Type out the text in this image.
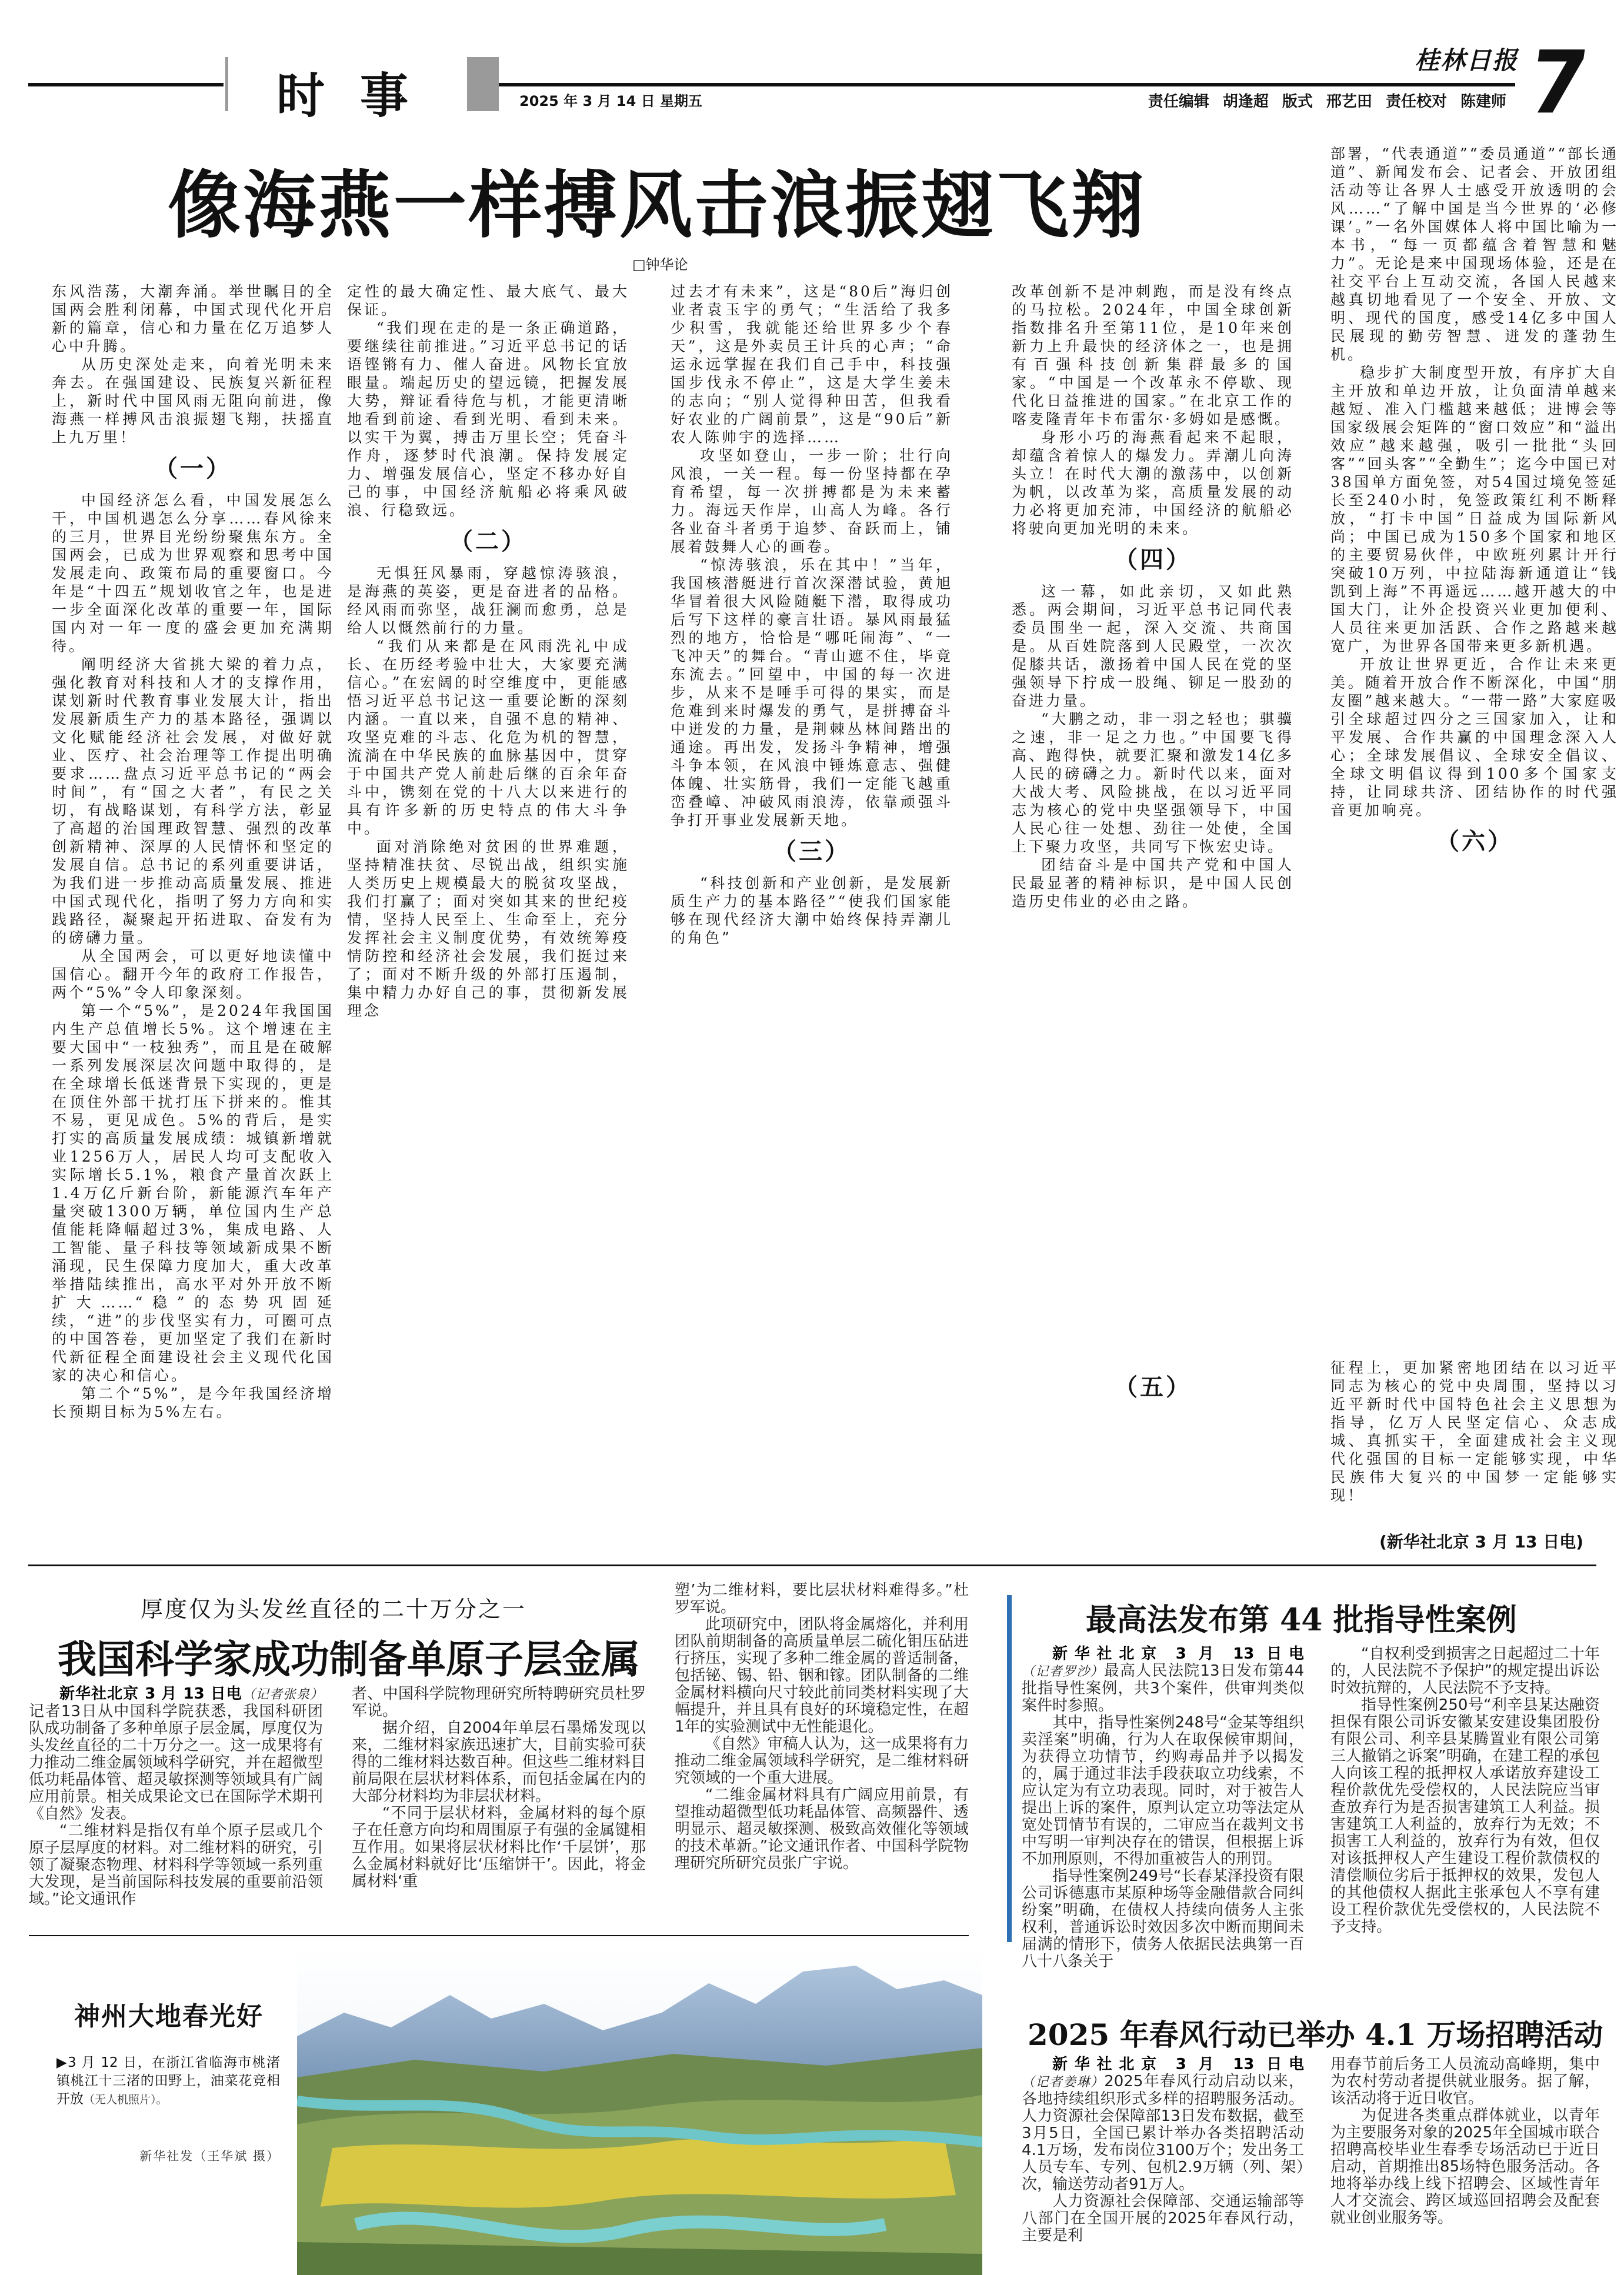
时事	2025 年 3 月 14 日 星期五	责任编辑 胡逢超 版式 邢艺田 责任校对 陈建师
桂林日报 7
像海燕一样搏风击浪振翅飞翔
□钟华论

东风浩荡，大潮奔涌。举世瞩目的全国两会胜利闭幕，中国式现代化开启新的篇章，信心和力量在亿万追梦人心中升腾。

从历史深处走来，向着光明未来奔去。在强国建设、民族复兴新征程上，新时代中国风雨无阻向前进，像海燕一样搏风击浪振翅飞翔，扶摇直上九万里！

（一）

中国经济怎么看，中国发展怎么干，中国机遇怎么分享……春风徐来的三月，世界目光纷纷聚焦东方。全国两会，已成为世界观察和思考中国发展走向、政策布局的重要窗口。今年是“十四五”规划收官之年，也是进一步全面深化改革的重要一年，国际国内对一年一度的盛会更加充满期待。

阐明经济大省挑大梁的着力点，强化教育对科技和人才的支撑作用，谋划新时代教育事业发展大计，指出发展新质生产力的基本路径，强调以文化赋能经济社会发展，对做好就业、医疗、社会治理等工作提出明确要求……盘点习近平总书记的“两会时间”，有“国之大者”，有民之关切，有战略谋划，有科学方法，彰显了高超的治国理政智慧、强烈的改革创新精神、深厚的人民情怀和坚定的发展自信。总书记的系列重要讲话，为我们进一步推动高质量发展、推进中国式现代化，指明了努力方向和实践路径，凝聚起开拓进取、奋发有为的磅礴力量。

从全国两会，可以更好地读懂中国信心。翻开今年的政府工作报告，两个“5%”令人印象深刻。

第一个“5%”，是2024年我国国内生产总值增长5%。这个增速在主要大国中“一枝独秀”，而且是在破解一系列发展深层次问题中取得的，是在全球增长低迷背景下实现的，更是在顶住外部干扰打压下拼来的。惟其不易，更见成色。5%的背后，是实打实的高质量发展成绩：城镇新增就业1256万人，居民人均可支配收入实际增长5.1%，粮食产量首次跃上1.4万亿斤新台阶，新能源汽车年产量突破1300万辆，单位国内生产总值能耗降幅超过3%，集成电路、人工智能、量子科技等领域新成果不断涌现，民生保障力度加大，重大改革举措陆续推出，高水平对外开放不断扩大……“稳”的态势巩固延续，“进”的步伐坚实有力，可圈可点的中国答卷，更加坚定了我们在新时代新征程全面建设社会主义现代化国家的决心和信心。

第二个“5%”，是今年我国经济增长预期目标为5%左右。

定性的最大确定性、最大底气、最大保证。

“我们现在走的是一条正确道路，要继续往前推进。”习近平总书记的话语铿锵有力、催人奋进。风物长宜放眼量。端起历史的望远镜，把握发展大势，辩证看待危与机，才能更清晰地看到前途、看到光明、看到未来。以实干为翼，搏击万里长空；凭奋斗作舟，逐梦时代浪潮。保持发展定力、增强发展信心，坚定不移办好自己的事，中国经济航船必将乘风破浪、行稳致远。

（二）

无惧狂风暴雨，穿越惊涛骇浪，是海燕的英姿，更是奋进者的品格。经风雨而弥坚，战狂澜而愈勇，总是给人以慨然前行的力量。

“我们从来都是在风雨洗礼中成长、在历经考验中壮大，大家要充满信心。”在宏阔的时空维度中，更能感悟习近平总书记这一重要论断的深刻内涵。一直以来，自强不息的精神、攻坚克难的斗志、化危为机的智慧，流淌在中华民族的血脉基因中，贯穿于中国共产党人前赴后继的百余年奋斗中，镌刻在党的十八大以来进行的具有许多新的历史特点的伟大斗争中。

面对消除绝对贫困的世界难题，坚持精准扶贫、尽锐出战，组织实施人类历史上规模最大的脱贫攻坚战，我们打赢了；面对突如其来的世纪疫情，坚持人民至上、生命至上，充分发挥社会主义制度优势，有效统筹疫情防控和经济社会发展，我们挺过来了；面对不断升级的外部打压遏制，集中精力办好自己的事，贯彻新发展理念

过去才有未来”，这是“80后”海归创业者袁玉宇的勇气；“生活给了我多少积雪，我就能还给世界多少个春天”，这是外卖员王计兵的心声；“命运永远掌握在我们自己手中，科技强国步伐永不停止”，这是大学生姜未的志向；“别人觉得种田苦，但我看好农业的广阔前景”，这是“90后”新农人陈帅宇的选择……

攻坚如登山，一步一阶；壮行向风浪，一关一程。每一份坚持都在孕育希望，每一次拼搏都是为未来蓄力。海远天作岸，山高人为峰。各行各业奋斗者勇于追梦、奋跃而上，铺展着鼓舞人心的画卷。

“惊涛骇浪，乐在其中！”当年，我国核潜艇进行首次深潜试验，黄旭华冒着很大风险随艇下潜，取得成功后写下这样的豪言壮语。暴风雨最猛烈的地方，恰恰是“哪吒闹海”、“一飞冲天”的舞台。“青山遮不住，毕竟东流去。”回望中，中国的每一次进步，从来不是唾手可得的果实，而是危难到来时爆发的勇气，是拼搏奋斗中迸发的力量，是荆棘丛林间踏出的通途。再出发，发扬斗争精神，增强斗争本领，在风浪中锤炼意志、强健体魄、壮实筋骨，我们一定能飞越重峦叠嶂、冲破风雨浪涛，依靠顽强斗争打开事业发展新天地。

（三）

“科技创新和产业创新，是发展新质生产力的基本路径”“使我们国家能够在现代经济大潮中始终保持弄潮儿的角色”

改革创新不是冲刺跑，而是没有终点的马拉松。2024年，中国全球创新指数排名升至第11位，是10年来创新力上升最快的经济体之一，也是拥有百强科技创新集群最多的国家。“中国是一个改革永不停歇、现代化日益推进的国家。”在北京工作的喀麦隆青年卡布雷尔·多姆如是感慨。

身形小巧的海燕看起来不起眼，却蕴含着惊人的爆发力。弄潮儿向涛头立！在时代大潮的激荡中，以创新为帆，以改革为桨，高质量发展的动力必将更加充沛，中国经济的航船必将驶向更加光明的未来。

（四）

这一幕，如此亲切，又如此熟悉。两会期间，习近平总书记同代表委员围坐一起，深入交流、共商国是。从百姓院落到人民殿堂，一次次促膝共话，激扬着中国人民在党的坚强领导下拧成一股绳、铆足一股劲的奋进力量。

“大鹏之动，非一羽之轻也；骐骥之速，非一足之力也。”中国要飞得高、跑得快，就要汇聚和激发14亿多人民的磅礴之力。新时代以来，面对大战大考、风险挑战，在以习近平同志为核心的党中央坚强领导下，中国人民心往一处想、劲往一处使，全国上下聚力攻坚，共同写下恢宏史诗。

团结奋斗是中国共产党和中国人民最显著的精神标识，是中国人民创造历史伟业的必由之路。

部署，“代表通道”“委员通道”“部长通道”、新闻发布会、记者会、开放团组活动等让各界人士感受开放透明的会风……“了解中国是当今世界的‘必修课’。”一名外国媒体人将中国比喻为一本书，“每一页都蕴含着智慧和魅力”。无论是来中国现场体验，还是在社交平台上互动交流，各国人民越来越真切地看见了一个安全、开放、文明、现代的国度，感受14亿多中国人民展现的勤劳智慧、迸发的蓬勃生机。

稳步扩大制度型开放，有序扩大自主开放和单边开放，让负面清单越来越短、准入门槛越来越低；进博会等国家级展会矩阵的“窗口效应”和“溢出效应”越来越强，吸引一批批“头回客”“回头客”“全勤生”；迄今中国已对38国单方面免签，对54国过境免签延长至240小时，免签政策红利不断释放，“打卡中国”日益成为国际新风尚；中国已成为150多个国家和地区的主要贸易伙伴，中欧班列累计开行突破10万列，中拉陆海新通道让“钱凯到上海”不再遥远……越开越大的中国大门，让外企投资兴业更加便利、人员往来更加活跃、合作之路越来越宽广，为世界各国带来更多新机遇。

开放让世界更近，合作让未来更美。随着开放合作不断深化，中国“朋友圈”越来越大。“一带一路”大家庭吸引全球超过四分之三国家加入，让和平发展、合作共赢的中国理念深入人心；全球发展倡议、全球安全倡议、全球文明倡议得到100多个国家支持，让同球共济、团结协作的时代强音更加响亮。

（六）
（五）

征程上，更加紧密地团结在以习近平同志为核心的党中央周围，坚持以习近平新时代中国特色社会主义思想为指导，亿万人民坚定信心、众志成城、真抓实干，全面建成社会主义现代化强国的目标一定能够实现，中华民族伟大复兴的中国梦一定能够实现！

(新华社北京 3 月 13 日电)
厚度仅为头发丝直径的二十万分之一
我国科学家成功制备单原子层金属

新华社北京 3 月 13 日电（记者张泉）记者13日从中国科学院获悉，我国科研团队成功制备了多种单原子层金属，厚度仅为头发丝直径的二十万分之一。这一成果将有力推动二维金属领域科学研究，并在超微型低功耗晶体管、超灵敏探测等领域具有广阔应用前景。相关成果论文已在国际学术期刊《自然》发表。

“二维材料是指仅有单个原子层或几个原子层厚度的材料。对二维材料的研究，引领了凝聚态物理、材料科学等领域一系列重大发现，是当前国际科技发展的重要前沿领域。”论文通讯作

者、中国科学院物理研究所特聘研究员杜罗军说。

据介绍，自2004年单层石墨烯发现以来，二维材料家族迅速扩大，目前实验可获得的二维材料达数百种。但这些二维材料目前局限在层状材料体系，而包括金属在内的大部分材料均为非层状材料。

“不同于层状材料，金属材料的每个原子在任意方向均和周围原子有强的金属键相互作用。如果将层状材料比作‘千层饼’，那么金属材料就好比‘压缩饼干’。因此，将金属材料‘重

塑’为二维材料，要比层状材料难得多。”杜罗军说。

此项研究中，团队将金属熔化，并利用团队前期制备的高质量单层二硫化钼压砧进行挤压，实现了多种二维金属的普适制备，包括铋、锡、铅、铟和镓。团队制备的二维金属材料横向尺寸较此前同类材料实现了大幅提升，并且具有良好的环境稳定性，在超1年的实验测试中无性能退化。

《自然》审稿人认为，这一成果将有力推动二维金属领域科学研究，是二维材料研究领域的一个重大进展。

“二维金属材料具有广阔应用前景，有望推动超微型低功耗晶体管、高频器件、透明显示、超灵敏探测、极致高效催化等领域的技术革新。”论文通讯作者、中国科学院物理研究所研究员张广宇说。

神州大地春光好
▶3 月 12 日，在浙江省临海市桃渚镇桃江十三渚的田野上，油菜花竞相开放（无人机照片）。
新华社发（王华斌 摄）
最高法发布第 44 批指导性案例

新华社北京 3 月 13 日电（记者罗沙）最高人民法院13日发布第44批指导性案例，共3个案件，供审判类似案件时参照。

其中，指导性案例248号“金某等组织卖淫案”明确，行为人在取保候审期间，为获得立功情节，约购毒品并予以揭发的，属于通过非法手段获取立功线索，不应认定为有立功表现。同时，对于被告人提出上诉的案件，原判认定立功等法定从宽处罚情节有误的，二审应当在裁判文书中写明一审判决存在的错误，但根据上诉不加刑原则，不得加重被告人的刑罚。

指导性案例249号“长春某泽投资有限公司诉德惠市某原种场等金融借款合同纠纷案”明确，在债权人持续向债务人主张权利，普通诉讼时效因多次中断而期间未届满的情形下，债务人依据民法典第一百八十八条关于

“自权利受到损害之日起超过二十年的，人民法院不予保护”的规定提出诉讼时效抗辩的，人民法院不予支持。

指导性案例250号“利辛县某达融资担保有限公司诉安徽某安建设集团股份有限公司、利辛县某腾置业有限公司第三人撤销之诉案”明确，在建工程的承包人向该工程的抵押权人承诺放弃建设工程价款优先受偿权的，人民法院应当审查放弃行为是否损害建筑工人利益。损害建筑工人利益的，放弃行为无效；不损害工人利益的，放弃行为有效，但仅对该抵押权人产生建设工程价款债权的清偿顺位劣后于抵押权的效果，发包人的其他债权人据此主张承包人不享有建设工程价款优先受偿权的，人民法院不予支持。

2025 年春风行动已举办 4.1 万场招聘活动

新华社北京 3 月 13 日电（记者姜琳）2025年春风行动启动以来，各地持续组织形式多样的招聘服务活动。人力资源社会保障部13日发布数据，截至3月5日，全国已累计举办各类招聘活动4.1万场，发布岗位3100万个；发出务工人员专车、专列、包机2.9万辆（列、架）次，输送劳动者91万人。

人力资源社会保障部、交通运输部等八部门在全国开展的2025年春风行动，主要是利

用春节前后务工人员流动高峰期，集中为农村劳动者提供就业服务。据了解，该活动将于近日收官。

为促进各类重点群体就业，以青年为主要服务对象的2025年全国城市联合招聘高校毕业生春季专场活动已于近日启动，首期推出85场特色服务活动。各地将举办线上线下招聘会、区域性青年人才交流会、跨区域巡回招聘会及配套就业创业服务等。
